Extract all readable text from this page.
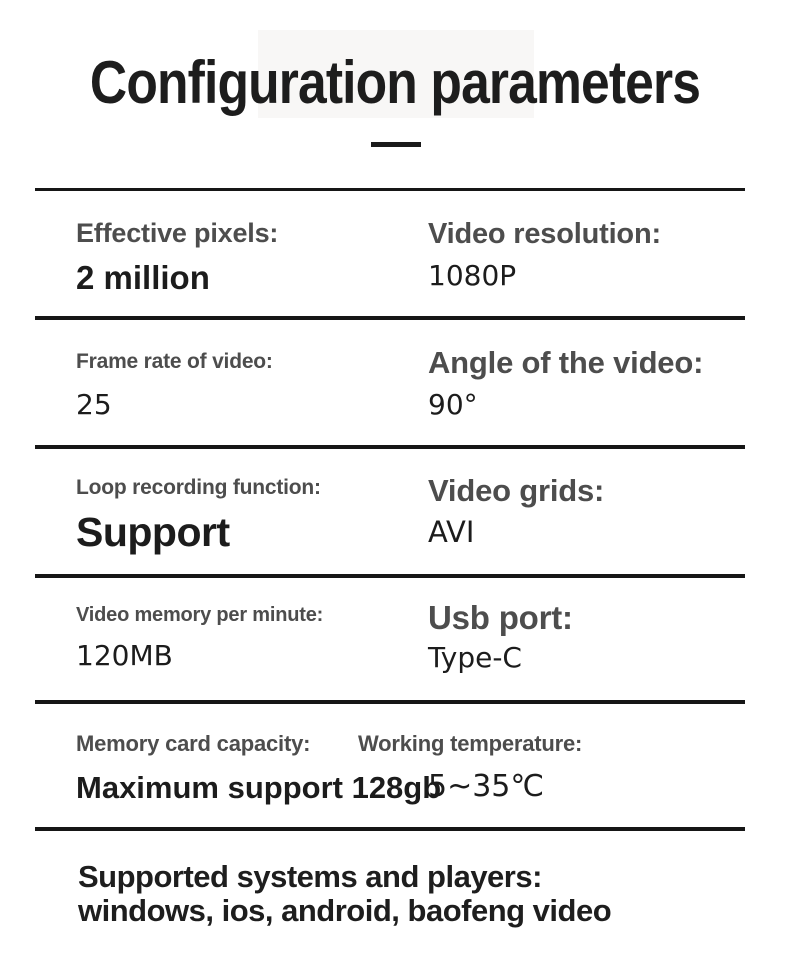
Configuration parameters
Effective pixels:
2 million
Video resolution:
1080P
Frame rate of video:
25
Angle of the video:
90°
Loop recording function:
Support
Video grids:
AVI
Video memory per minute:
120MB
Usb port:
Type-C
Memory card capacity:
Maximum support 128gb
Working temperature:
5~35℃
Supported systems and players:
windows, ios, android, baofeng video
